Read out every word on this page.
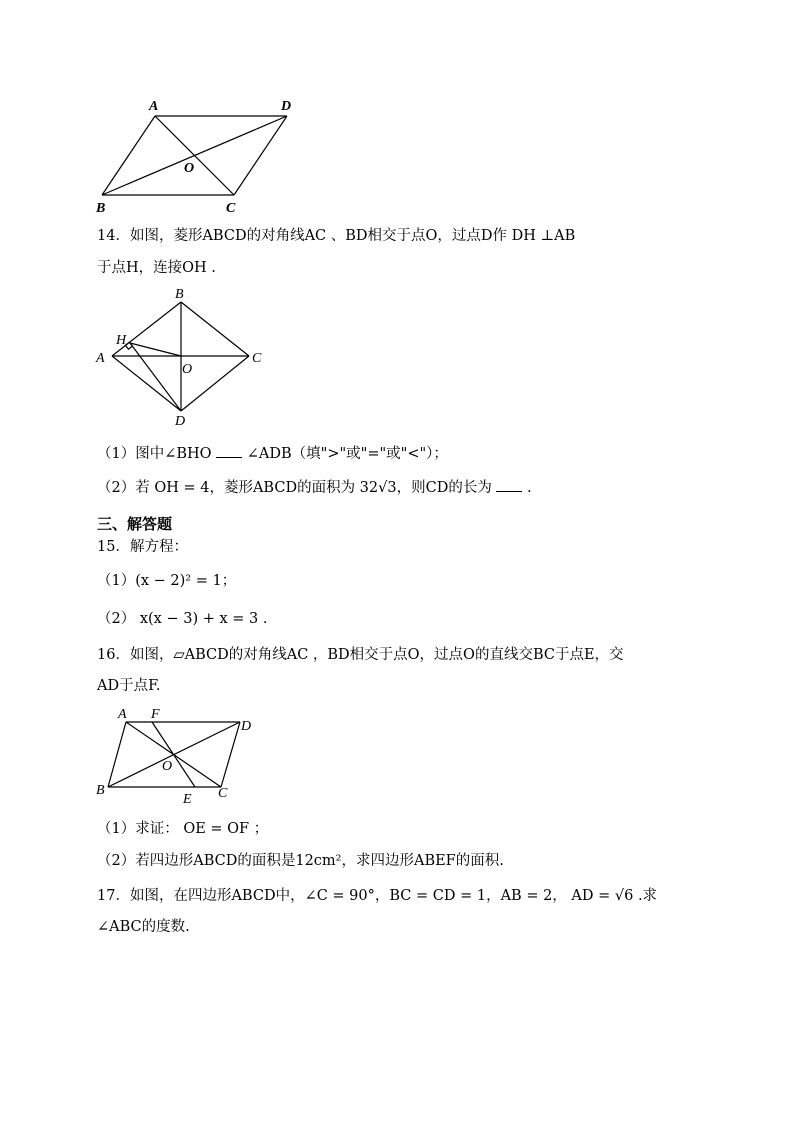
A	D
O
B	C
14．如图，菱形ABCD的对角线AC 、BD相交于点O，过点D作 DH ⊥AB
于点H，连接OH .
B
H
A
O
C
D
（1）图中∠BHO ∠ADB（填">"或"="或"<"）；
（2）若 OH = 4，菱形ABCD的面积为 32√3，则CD的长为 .
三、解答题
15．解方程：
（1）(x − 2)² = 1；
（2） x(x − 3) + x = 3 .
16．如图，▱ABCD的对角线AC ，BD相交于点O，过点O的直线交BC于点E，交
AD于点F.
A F
D
O
B
E C
（1）求证： OE = OF ；
（2）若四边形ABCD的面积是12cm²，求四边形ABEF的面积.
17．如图，在四边形ABCD中，∠C = 90°，BC = CD = 1，AB = 2， AD = √6 .求
∠ABC的度数.
